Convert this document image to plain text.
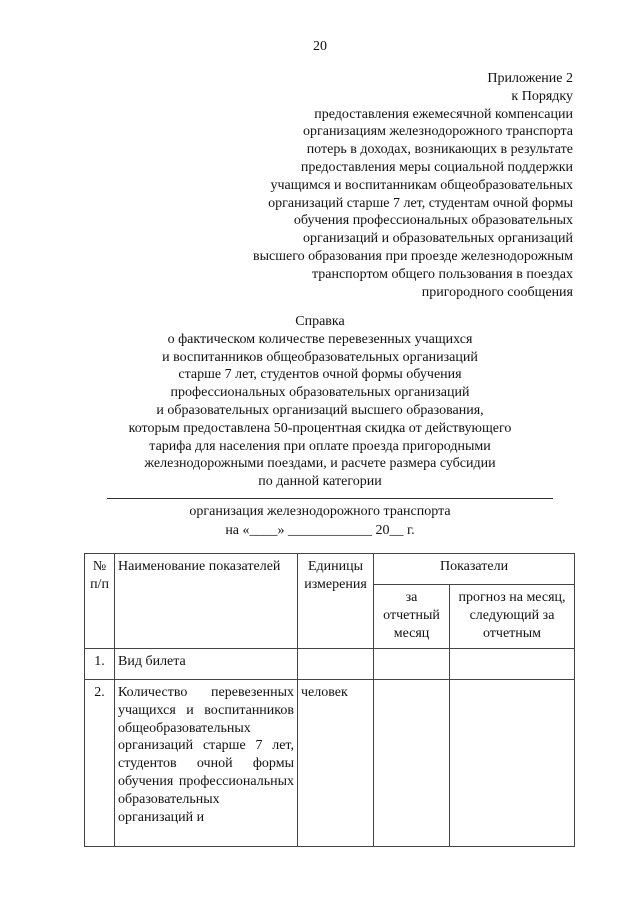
20
Приложение 2
к Порядку
предоставления ежемесячной компенсации
организациям железнодорожного транспорта
потерь в доходах, возникающих в результате
предоставления меры социальной поддержки
учащимся и воспитанникам общеобразовательных
организаций старше 7 лет, студентам очной формы
обучения профессиональных образовательных
организаций и образовательных организаций
высшего образования при проезде железнодорожным
транспортом общего пользования в поездах
пригородного сообщения
Справка
о фактическом количестве перевезенных учащихся
и воспитанников общеобразовательных организаций
старше 7 лет, студентов очной формы обучения
профессиональных образовательных организаций
и образовательных организаций высшего образования,
которым предоставлена 50-процентная скидка от действующего
тарифа для населения при оплате проезда пригородными
железнодорожными поездами, и расчете размера субсидии
по данной категории
организация железнодорожного транспорта
на «____» ____________ 20__ г.
№ п/п	Наименование показателей	Единицы измерения	Показатели	
			за отчетный месяц	прогноз на месяц, следующий за отчетным
1.	Вид билета			
2.	Количество перевезенных учащихся и воспитанников общеобразовательных организаций старше 7 лет, студентов очной формы обучения профессиональных образовательных организаций и	человек		
